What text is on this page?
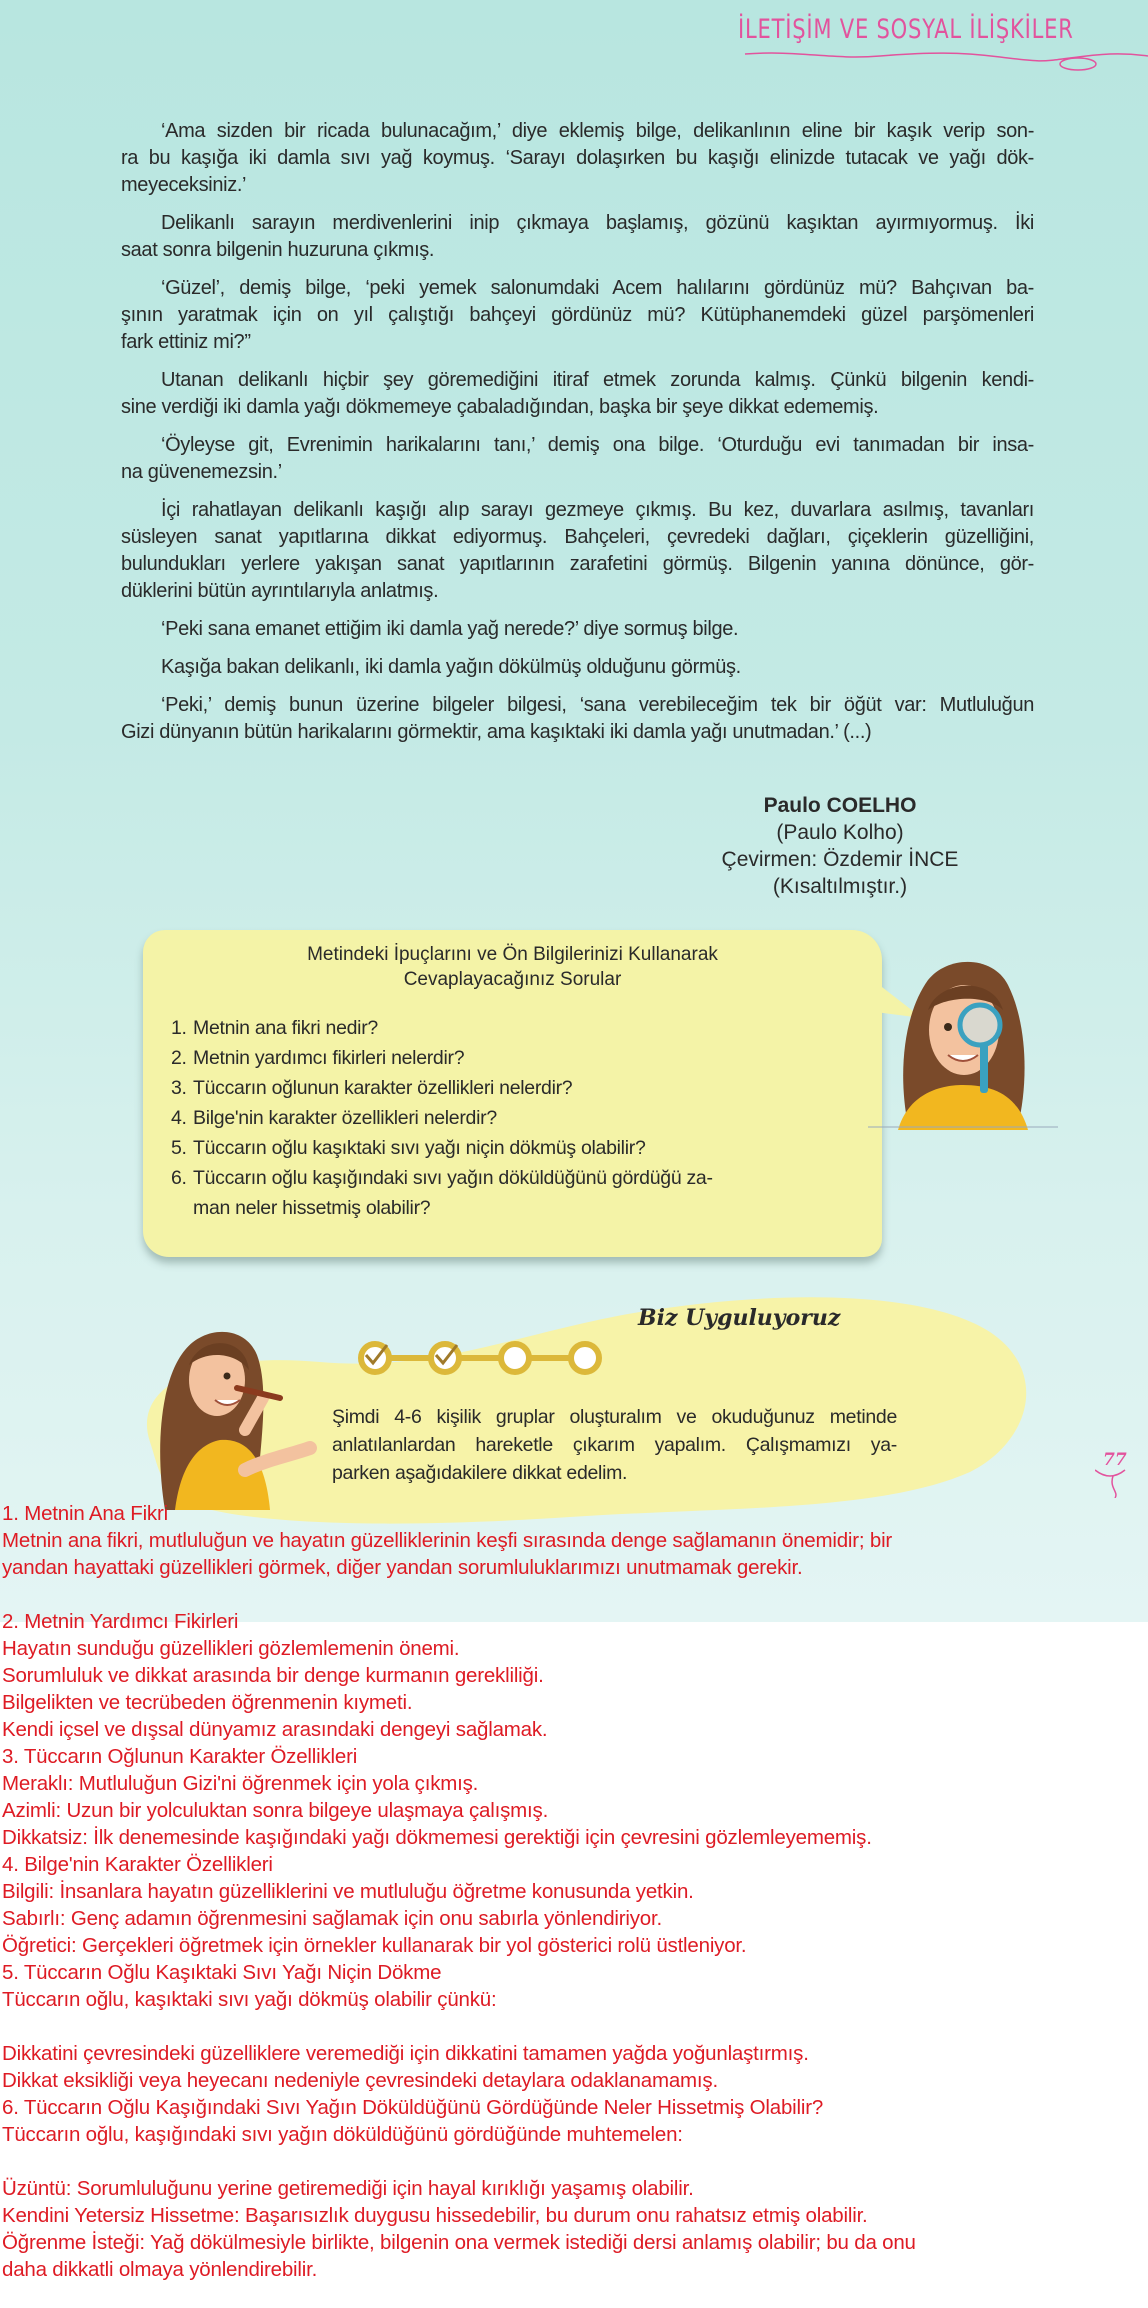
İLETİŞİM VE SOSYAL İLİŞKİLER
‘Ama sizden bir ricada bulunacağım,’ diye eklemiş bilge, delikanlının eline bir kaşık verip son-
ra bu kaşığa iki damla sıvı yağ koymuş. ‘Sarayı dolaşırken bu kaşığı elinizde tutacak ve yağı dök-
meyeceksiniz.’
Delikanlı sarayın merdivenlerini inip çıkmaya başlamış, gözünü kaşıktan ayırmıyormuş. İki
saat sonra bilgenin huzuruna çıkmış.
‘Güzel’, demiş bilge, ‘peki yemek salonumdaki Acem halılarını gördünüz mü? Bahçıvan ba-
şının yaratmak için on yıl çalıştığı bahçeyi gördünüz mü? Kütüphanemdeki güzel parşömenleri
fark ettiniz mi?”
Utanan delikanlı hiçbir şey göremediğini itiraf etmek zorunda kalmış. Çünkü bilgenin kendi-
sine verdiği iki damla yağı dökmemeye çabaladığından, başka bir şeye dikkat edememiş.
‘Öyleyse git, Evrenimin harikalarını tanı,’ demiş ona bilge. ‘Oturduğu evi tanımadan bir insa-
na güvenemezsin.’
İçi rahatlayan delikanlı kaşığı alıp sarayı gezmeye çıkmış. Bu kez, duvarlara asılmış, tavanları
süsleyen sanat yapıtlarına dikkat ediyormuş. Bahçeleri, çevredeki dağları, çiçeklerin güzelliğini,
bulundukları yerlere yakışan sanat yapıtlarının zarafetini görmüş. Bilgenin yanına dönünce, gör-
düklerini bütün ayrıntılarıyla anlatmış.
‘Peki sana emanet ettiğim iki damla yağ nerede?’ diye sormuş bilge.
Kaşığa bakan delikanlı, iki damla yağın dökülmüş olduğunu görmüş.
‘Peki,’ demiş bunun üzerine bilgeler bilgesi, ‘sana verebileceğim tek bir öğüt var: Mutluluğun
Gizi dünyanın bütün harikalarını görmektir, ama kaşıktaki iki damla yağı unutmadan.’ (...)
Paulo COELHO
(Paulo Kolho)
Çevirmen: Özdemir İNCE
(Kısaltılmıştır.)
Metindeki İpuçlarını ve Ön Bilgilerinizi Kullanarak
Cevaplayacağınız Sorular
1. Metnin ana fikri nedir?
2. Metnin yardımcı fikirleri nelerdir?
3. Tüccarın oğlunun karakter özellikleri nelerdir?
4. Bilge'nin karakter özellikleri nelerdir?
5. Tüccarın oğlu kaşıktaki sıvı yağı niçin dökmüş olabilir?
6. Tüccarın oğlu kaşığındaki sıvı yağın döküldüğünü gördüğü za-
man neler hissetmiş olabilir?
Biz Uyguluyoruz
Şimdi 4-6 kişilik gruplar oluşturalım ve okuduğunuz metinde
anlatılanlardan hareketle çıkarım yapalım. Çalışmamızı ya-
parken aşağıdakilere dikkat edelim.
77
1. Metnin Ana Fikri
Metnin ana fikri, mutluluğun ve hayatın güzelliklerinin keşfi sırasında denge sağlamanın önemidir; bir
yandan hayattaki güzellikleri görmek, diğer yandan sorumluluklarımızı unutmamak gerekir.
2. Metnin Yardımcı Fikirleri
Hayatın sunduğu güzellikleri gözlemlemenin önemi.
Sorumluluk ve dikkat arasında bir denge kurmanın gerekliliği.
Bilgelikten ve tecrübeden öğrenmenin kıymeti.
Kendi içsel ve dışsal dünyamız arasındaki dengeyi sağlamak.
3. Tüccarın Oğlunun Karakter Özellikleri
Meraklı: Mutluluğun Gizi'ni öğrenmek için yola çıkmış.
Azimli: Uzun bir yolculuktan sonra bilgeye ulaşmaya çalışmış.
Dikkatsiz: İlk denemesinde kaşığındaki yağı dökmemesi gerektiği için çevresini gözlemleyememiş.
4. Bilge'nin Karakter Özellikleri
Bilgili: İnsanlara hayatın güzelliklerini ve mutluluğu öğretme konusunda yetkin.
Sabırlı: Genç adamın öğrenmesini sağlamak için onu sabırla yönlendiriyor.
Öğretici: Gerçekleri öğretmek için örnekler kullanarak bir yol gösterici rolü üstleniyor.
5. Tüccarın Oğlu Kaşıktaki Sıvı Yağı Niçin Dökme
Tüccarın oğlu, kaşıktaki sıvı yağı dökmüş olabilir çünkü:
Dikkatini çevresindeki güzelliklere veremediği için dikkatini tamamen yağda yoğunlaştırmış.
Dikkat eksikliği veya heyecanı nedeniyle çevresindeki detaylara odaklanamamış.
6. Tüccarın Oğlu Kaşığındaki Sıvı Yağın Döküldüğünü Gördüğünde Neler Hissetmiş Olabilir?
Tüccarın oğlu, kaşığındaki sıvı yağın döküldüğünü gördüğünde muhtemelen:
Üzüntü: Sorumluluğunu yerine getiremediği için hayal kırıklığı yaşamış olabilir.
Kendini Yetersiz Hissetme: Başarısızlık duygusu hissedebilir, bu durum onu rahatsız etmiş olabilir.
Öğrenme İsteği: Yağ dökülmesiyle birlikte, bilgenin ona vermek istediği dersi anlamış olabilir; bu da onu
daha dikkatli olmaya yönlendirebilir.
